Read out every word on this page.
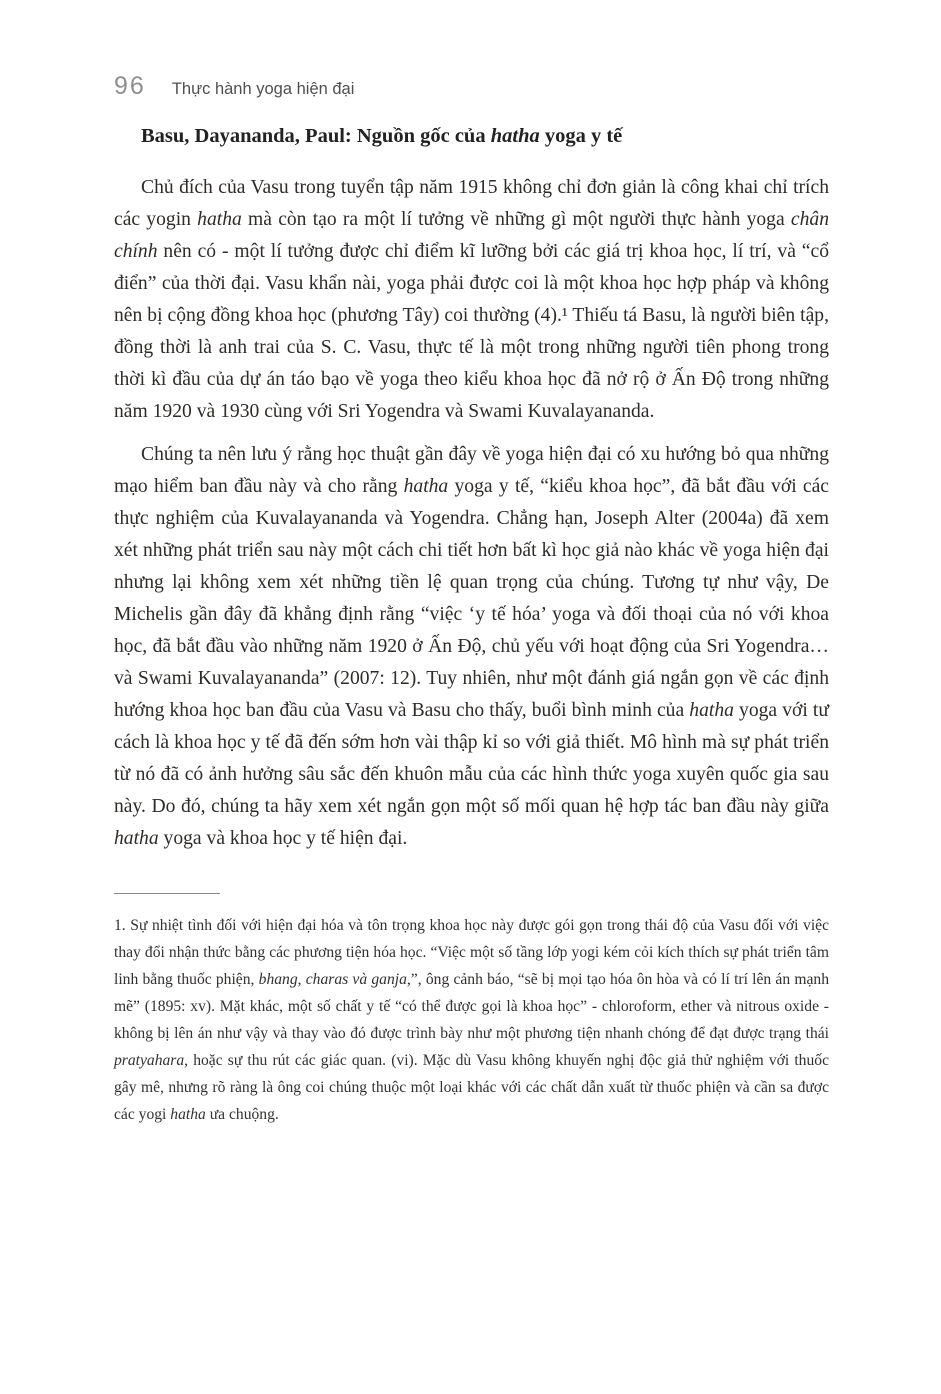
96 Thực hành yoga hiện đại
Basu, Dayananda, Paul: Nguồn gốc của hatha yoga y tế

Chủ đích của Vasu trong tuyển tập năm 1915 không chỉ đơn giản là công khai chỉ trích các yogin hatha mà còn tạo ra một lí tưởng về những gì một người thực hành yoga chân chính nên có - một lí tưởng được chỉ điểm kĩ lưỡng bởi các giá trị khoa học, lí trí, và “cổ điển” của thời đại. Vasu khẩn nài, yoga phải được coi là một khoa học hợp pháp và không nên bị cộng đồng khoa học (phương Tây) coi thường (4).¹ Thiếu tá Basu, là người biên tập, đồng thời là anh trai của S. C. Vasu, thực tế là một trong những người tiên phong trong thời kì đầu của dự án táo bạo về yoga theo kiểu khoa học đã nở rộ ở Ấn Độ trong những năm 1920 và 1930 cùng với Sri Yogendra và Swami Kuvalayananda.

Chúng ta nên lưu ý rằng học thuật gần đây về yoga hiện đại có xu hướng bỏ qua những mạo hiểm ban đầu này và cho rằng hatha yoga y tế, “kiểu khoa học”, đã bắt đầu với các thực nghiệm của Kuvalayananda và Yogendra. Chẳng hạn, Joseph Alter (2004a) đã xem xét những phát triển sau này một cách chi tiết hơn bất kì học giả nào khác về yoga hiện đại nhưng lại không xem xét những tiền lệ quan trọng của chúng. Tương tự như vậy, De Michelis gần đây đã khẳng định rằng “việc ‘y tế hóa’ yoga và đối thoại của nó với khoa học, đã bắt đầu vào những năm 1920 ở Ấn Độ, chủ yếu với hoạt động của Sri Yogendra… và Swami Kuvalayananda” (2007: 12). Tuy nhiên, như một đánh giá ngắn gọn về các định hướng khoa học ban đầu của Vasu và Basu cho thấy, buổi bình minh của hatha yoga với tư cách là khoa học y tế đã đến sớm hơn vài thập kỉ so với giả thiết. Mô hình mà sự phát triển từ nó đã có ảnh hưởng sâu sắc đến khuôn mẫu của các hình thức yoga xuyên quốc gia sau này. Do đó, chúng ta hãy xem xét ngắn gọn một số mối quan hệ hợp tác ban đầu này giữa hatha yoga và khoa học y tế hiện đại.

1. Sự nhiệt tình đối với hiện đại hóa và tôn trọng khoa học này được gói gọn trong thái độ của Vasu đối với việc thay đổi nhận thức bằng các phương tiện hóa học. “Việc một số tầng lớp yogi kém cỏi kích thích sự phát triển tâm linh bằng thuốc phiện, bhang, charas và ganja,”, ông cảnh báo, “sẽ bị mọi tạo hóa ôn hòa và có lí trí lên án mạnh mẽ” (1895: xv). Mặt khác, một số chất y tế “có thể được gọi là khoa học” - chloroform, ether và nitrous oxide - không bị lên án như vậy và thay vào đó được trình bày như một phương tiện nhanh chóng để đạt được trạng thái pratyahara, hoặc sự thu rút các giác quan. (vi). Mặc dù Vasu không khuyến nghị độc giả thử nghiệm với thuốc gây mê, nhưng rõ ràng là ông coi chúng thuộc một loại khác với các chất dẫn xuất từ thuốc phiện và cần sa được các yogi hatha ưa chuộng.
